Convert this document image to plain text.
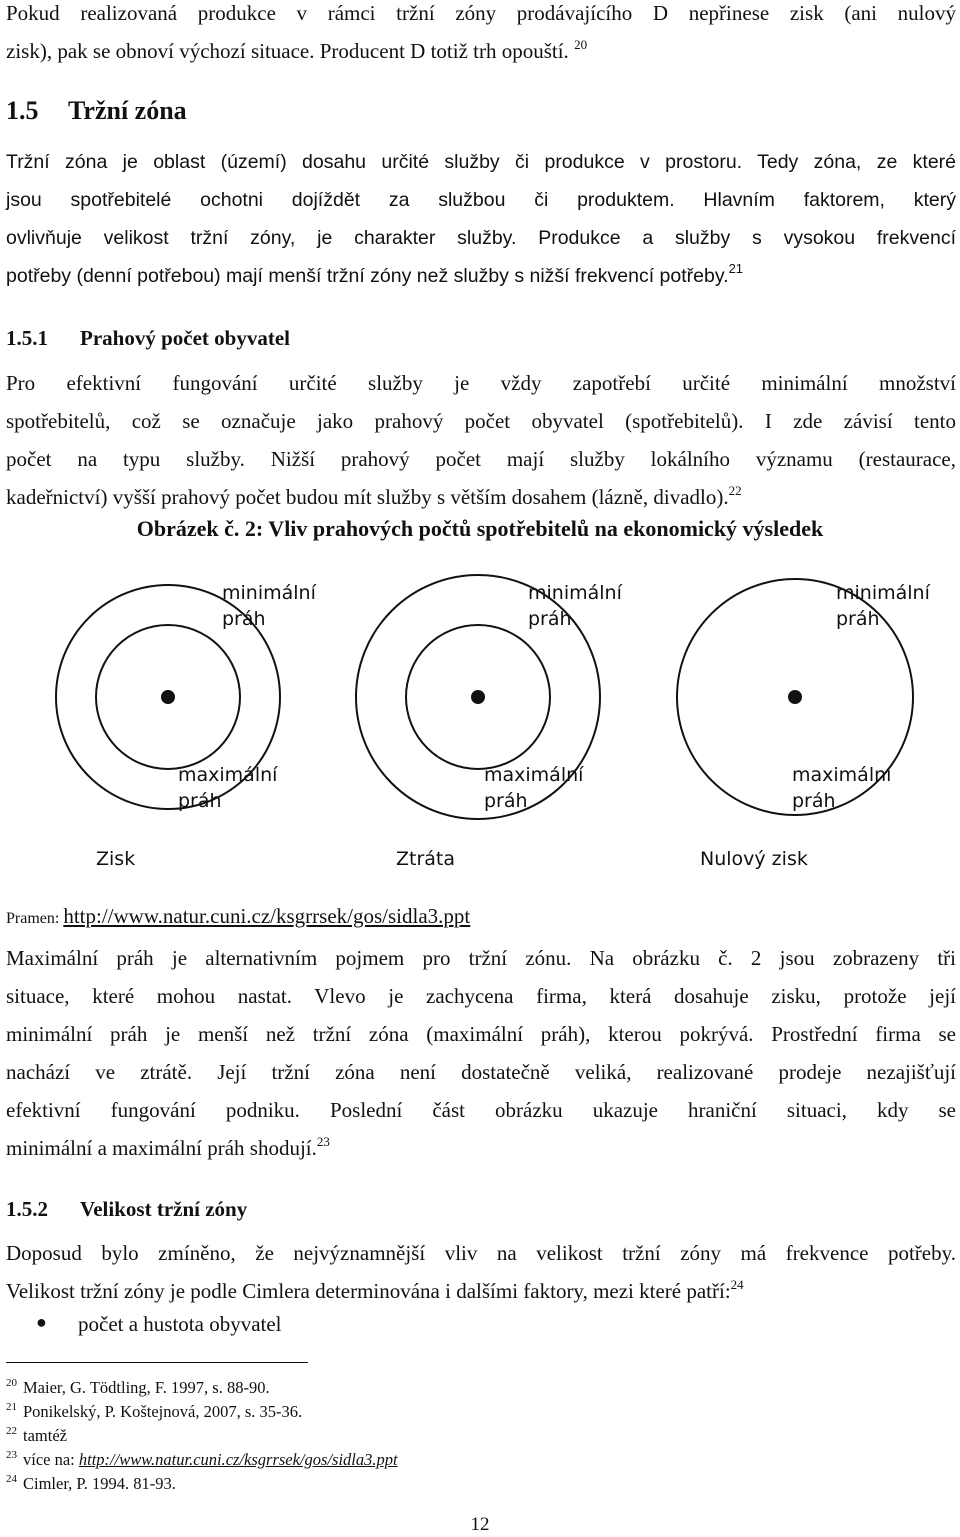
Pokud realizovaná produkce v rámci tržní zóny prodávajícího D nepřinese zisk (ani nulový
zisk), pak se obnoví výchozí situace. Producent D totiž trh opouští. $^{20}$
1.5 Tržní zóna
Tržní zóna je oblast (území) dosahu určité služby či produkce v prostoru. Tedy zóna, ze které
jsou spotřebitelé ochotni dojíždět za službou či produktem. Hlavním faktorem, který
ovlivňuje velikost tržní zóny, je charakter služby. Produkce a služby s vysokou frekvencí
potřeby (denní potřebou) mají menší tržní zóny než služby s nižší frekvencí potřeby.$^{21}$
1.5.1 Prahový počet obyvatel
Pro efektivní fungování určité služby je vždy zapotřebí určité minimální množství
spotřebitelů, což se označuje jako prahový počet obyvatel (spotřebitelů). I zde závisí tento
počet na typu služby. Nižší prahový počet mají služby lokálního významu (restaurace,
kadeřnictví) vyšší prahový počet budou mít služby s větším dosahem (lázně, divadlo).$^{22}$
Obrázek č. 2: Vliv prahových počtů spotřebitelů na ekonomický výsledek
minimální
práh
maximální
práh
Zisk
minimální
práh
maximální
práh
Ztráta
minimální
práh
maximální
práh
Nulový zisk
Pramen: http://www.natur.cuni.cz/ksgrrsek/gos/sidla3.ppt
Maximální práh je alternativním pojmem pro tržní zónu. Na obrázku č. 2 jsou zobrazeny tři
situace, které mohou nastat. Vlevo je zachycena firma, která dosahuje zisku, protože její
minimální práh je menší než tržní zóna (maximální práh), kterou pokrývá. Prostřední firma se
nachází ve ztrátě. Její tržní zóna není dostatečně veliká, realizované prodeje nezajišťují
efektivní fungování podniku. Poslední část obrázku ukazuje hraniční situaci, kdy se
minimální a maximální práh shodují.$^{23}$
1.5.2 Velikost tržní zóny
Doposud bylo zmíněno, že nejvýznamnější vliv na velikost tržní zóny má frekvence potřeby.
Velikost tržní zóny je podle Cimlera determinována i dalšími faktory, mezi které patří:$^{24}$
● počet a hustota obyvatel
$^{20}$ Maier, G. Tödtling, F. 1997, s. 88-90.
$^{21}$ Ponikelský, P. Koštejnová, 2007, s. 35-36.
$^{22}$ tamtéž
$^{23}$ více na: http://www.natur.cuni.cz/ksgrrsek/gos/sidla3.ppt
$^{24}$ Cimler, P. 1994. 81-93.
12
